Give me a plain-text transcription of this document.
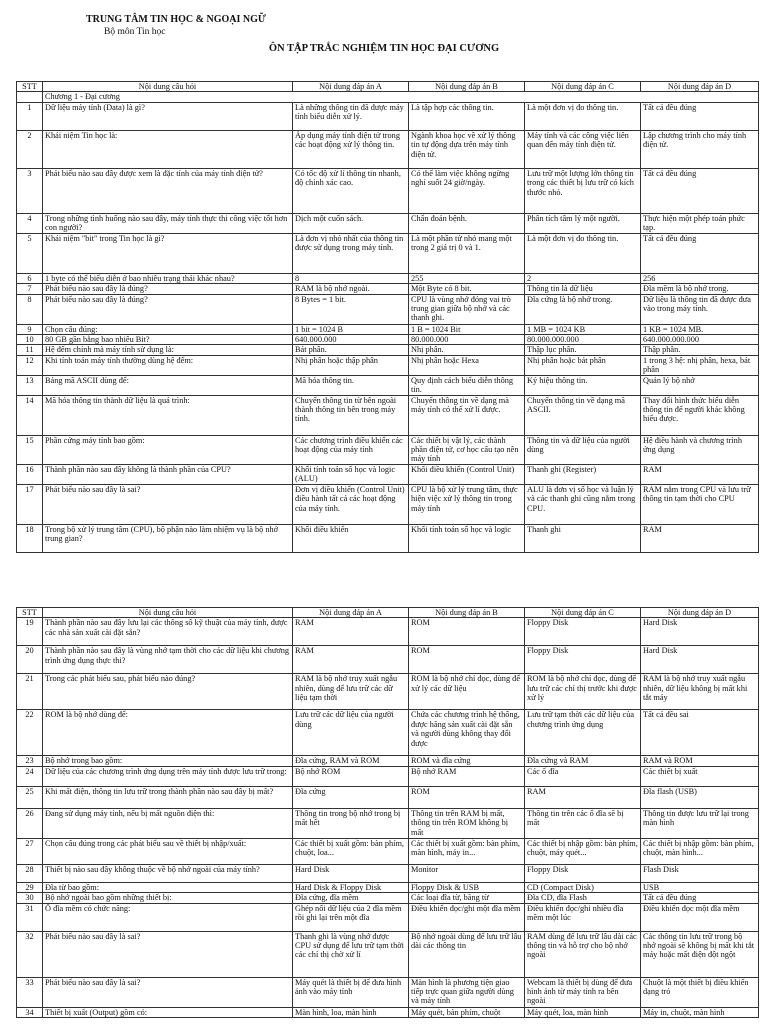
TRUNG TÂM TIN HỌC & NGOẠI NGỮ
Bộ môn Tin học
ÔN TẬP TRẮC NGHIỆM TIN HỌC ĐẠI CƯƠNG
STT	Nội dung câu hỏi	Nội dung đáp án A	Nội dung đáp án B	Nội dung đáp án C	Nội dung đáp án D
	Chương 1 - Đại cương				
1	Dữ liệu máy tính (Data) là gì?	Là những thông tin đã được máy tính biểu diễn xử lý.	Là tập hợp các thông tin.	Là một đơn vị đo thông tin.	Tất cả đều đúng
2	Khái niệm Tin học là:	Áp dụng máy tính điện tử trong các hoạt động xử lý thông tin.	Ngành khoa học về xử lý thông tin tự động dựa trên máy tính điện tử.	Máy tính và các công việc liên quan đến máy tính điện tử.	Lập chương trình cho máy tính điện tử.
3	Phát biểu nào sau đây được xem là đặc tính của máy tính điện tử?	Có tốc độ xử lí thông tin nhanh, độ chính xác cao.	Có thể làm việc không ngừng nghỉ suốt 24 giờ/ngày.	Lưu trữ một lượng lớn thông tin trong các thiết bị lưu trữ có kích thước nhỏ.	Tất cả đều đúng
4	Trong những tình huống nào sau đây, máy tính thực thi công việc tốt hơn con người?	Dịch một cuốn sách.	Chẩn đoán bệnh.	Phân tích tâm lý một người.	Thực hiện một phép toán phức tạp.
5	Khái niệm "bit" trong Tin học là gì?	Là đơn vị nhỏ nhất của thông tin được sử dụng trong máy tính.	Là một phần tử nhỏ mang một trong 2 giá trị 0 và 1.	Là một đơn vị đo thông tin.	Tất cả đều đúng
6	1 byte có thể biểu diễn ở bao nhiêu trạng thái khác nhau?	8	255	2	256
7	Phát biểu nào sau đây là đúng?	RAM là bộ nhớ ngoài.	Một Byte có 8 bit.	Thông tin là dữ liệu	Đĩa mềm là bộ nhớ trong.
8	Phát biểu nào sau đây là đúng?	8 Bytes = 1 bit.	CPU là vùng nhớ đóng vai trò trung gian giữa bộ nhớ và các thanh ghi.	Đĩa cứng là bộ nhớ trong.	Dữ liệu là thông tin đã được đưa vào trong máy tính.
9	Chọn câu đúng:	1 bit = 1024 B	1 B = 1024 Bit	1 MB = 1024 KB	1 KB = 1024 MB.
10	80 GB gần bằng bao nhiêu Bit?	640.000.000	80.000.000	80.000.000.000	640.000.000.000
11	Hệ đếm chính mà máy tính sử dụng là:	Bát phân.	Nhị phân.	Thập lục phân.	Thập phân.
12	Khi tính toán máy tính thường dùng hệ đếm:	Nhị phân hoặc thập phân	Nhị phân hoặc Hexa	Nhị phân hoặc bát phân	1 trong 3 hệ: nhị phân, hexa, bát phân
13	Bảng mã ASCII dùng để:	Mã hóa thông tin.	Quy định cách biểu diễn thông tin.	Ký hiệu thông tin.	Quản lý bộ nhớ
14	Mã hóa thông tin thành dữ liệu là quá trình:	Chuyển thông tin từ bên ngoài thành thông tin bên trong máy tính.	Chuyển thông tin về dạng mà máy tính có thể xử lí được.	Chuyển thông tin về dạng mã ASCII.	Thay đổi hình thức biểu diễn thông tin để người khác không hiểu được.
15	Phần cứng máy tính bao gồm:	Các chương trình điều khiển các hoạt động của máy tính	Các thiết bị vật lý, các thành phần điện tử, cơ học cấu tạo nên máy tính	Thông tin và dữ liệu của người dùng	Hệ điều hành và chương trình ứng dụng
16	Thành phần nào sau đây không là thành phần của CPU?	Khối tính toán số học và logic (ALU)	Khối điều khiển (Control Unit)	Thanh ghi (Register)	RAM
17	Phát biểu nào sau đây là sai?	Đơn vị điều khiển (Control Unit) điều hành tất cả các hoạt động của máy tính.	CPU là bộ xử lý trung tâm, thực hiện việc xử lý thông tin trong máy tính	ALU là đơn vị số học và luận lý và các thanh ghi cũng nằm trong CPU.	RAM nằm trong CPU và lưu trữ thông tin tạm thời cho CPU
18	Trong bộ xử lý trung tâm (CPU), bộ phận nào làm nhiệm vụ là bộ nhớ trung gian?	Khối điều khiển	Khối tính toán số học và logic	Thanh ghi	RAM
STT	Nội dung câu hỏi	Nội dung đáp án A	Nội dung đáp án B	Nội dung đáp án C	Nội dung đáp án D
19	Thành phần nào sau đây lưu lại các thông số kỹ thuật của máy tính, được các nhà sản xuất cài đặt sẵn?	RAM	ROM	Floppy Disk	Hard Disk
20	Thành phần nào sau đây là vùng nhớ tạm thời cho các dữ liệu khi chương trình ứng dụng thực thi?	RAM	ROM	Floppy Disk	Hard Disk
21	Trong các phát biểu sau, phát biểu nào đúng?	RAM là bộ nhớ truy xuất ngẫu nhiên, dùng để lưu trữ các dữ liệu tạm thời	ROM là bộ nhớ chỉ đọc, dùng để xử lý các dữ liệu	ROM là bộ nhớ chỉ đọc, dùng để lưu trữ các chỉ thị trước khi được xử lý	RAM là bộ nhớ truy xuất ngẫu nhiên, dữ liệu không bị mất khi tắt máy
22	ROM là bộ nhớ dùng để:	Lưu trữ các dữ liệu của người dùng	Chứa các chương trình hệ thống, được hãng sản xuất cài đặt sẵn và người dùng không thay đổi được	Lưu trữ tạm thời các dữ liệu của chương trình ứng dụng	Tất cả đều sai
23	Bộ nhớ trong bao gồm:	Đĩa cứng, RAM và ROM	ROM và đĩa cứng	Đĩa cứng và RAM	RAM và ROM
24	Dữ liệu của các chương trình ứng dụng trên máy tính được lưu trữ trong:	Bộ nhớ ROM	Bộ nhớ RAM	Các ổ đĩa	Các thiết bị xuất
25	Khi mất điện, thông tin lưu trữ trong thành phần nào sau đây bị mất?	Đĩa cứng	ROM	RAM	Đĩa flash (USB)
26	Đang sử dụng máy tính, nếu bị mất nguồn điện thì:	Thông tin trong bộ nhớ trong bị mất hết	Thông tin trên RAM bị mất, thông tin trên ROM không bị mất	Thông tin trên các ổ đĩa sẽ bị mất	Thông tin được lưu trữ lại trong màn hình
27	Chọn câu đúng trong các phát biểu sau về thiết bị nhập/xuất:	Các thiết bị xuất gồm: bàn phím, chuột, loa...	Các thiết bị xuất gồm: bàn phím, màn hình, máy in...	Các thiết bị nhập gồm: bàn phím, chuột, máy quét...	Các thiết bị nhập gồm: bàn phím, chuột, màn hình...
28	Thiết bị nào sau đây không thuộc về bộ nhớ ngoài của máy tính?	Hard Disk	Monitor	Floppy Disk	Flash Disk
29	Đĩa từ bao gồm:	Hard Disk & Floppy Disk	Floppy Disk & USB	CD (Compact Disk)	USB
30	Bộ nhớ ngoài bao gồm những thiết bị:	Đĩa cứng, đĩa mềm	Các loại đĩa từ, băng từ	Đĩa CD, đĩa Flash	Tất cả đều đúng
31	Ổ đĩa mềm có chức năng:	Ghép nối dữ liệu của 2 đĩa mềm rồi ghi lại trên một đĩa	Điều khiển đọc/ghi một đĩa mềm	Điều khiển đọc/ghi nhiều đĩa mềm một lúc	Điều khiển đọc một đĩa mềm
32	Phát biểu nào sau đây là sai?	Thanh ghi là vùng nhớ được CPU sử dụng để lưu trữ tạm thời các chỉ thị chờ xử lí	Bộ nhớ ngoài dùng để lưu trữ lâu dài các thông tin	RAM dùng để lưu trữ lâu dài các thông tin và hỗ trợ cho bộ nhớ ngoài	Các thông tin lưu trữ trong bộ nhớ ngoài sẽ không bị mất khi tắt máy hoặc mất điện đột ngột
33	Phát biểu nào sau đây là sai?	Máy quét là thiết bị để đưa hình ảnh vào máy tính	Màn hình là phương tiện giao tiếp trực quan giữa người dùng và máy tính	Webcam là thiết bị dùng để đưa hình ảnh từ máy tính ra bên ngoài	Chuột là một thiết bị điều khiển dạng trỏ
34	Thiết bị xuất (Output) gồm có:	Màn hình, loa, màn hình	Máy quét, bàn phím, chuột	Máy quét, loa, màn hình	Máy in, chuột, màn hình
